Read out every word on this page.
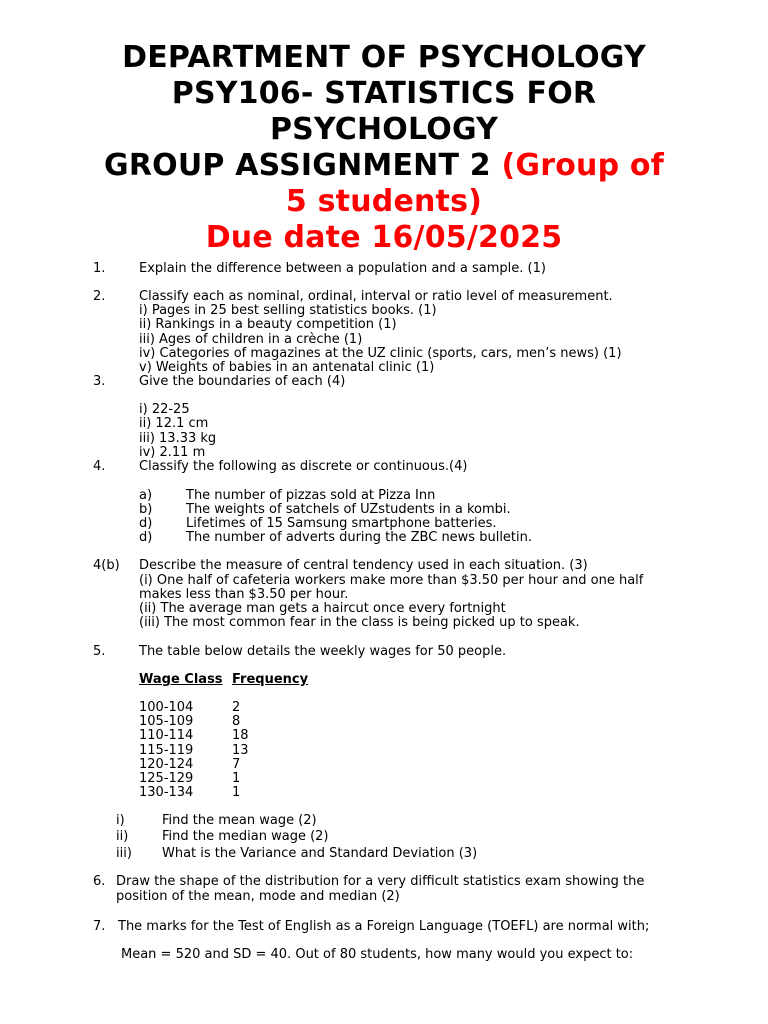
DEPARTMENT OF PSYCHOLOGY
PSY106- STATISTICS FOR
PSYCHOLOGY
GROUP ASSIGNMENT 2 (Group of
5 students)
Due date 16/05/2025
1.	Explain the difference between a population and a sample. (1)
2.	Classify each as nominal, ordinal, interval or ratio level of measurement.
i) Pages in 25 best selling statistics books. (1)
ii) Rankings in a beauty competition (1)
iii) Ages of children in a crèche (1)
iv) Categories of magazines at the UZ clinic (sports, cars, men’s news) (1)
v) Weights of babies in an antenatal clinic (1)
3.	Give the boundaries of each (4)
i) 22-25
ii) 12.1 cm
iii) 13.33 kg
iv) 2.11 m
4.	Classify the following as discrete or continuous.(4)
a)	The number of pizzas sold at Pizza Inn
b)	The weights of satchels of UZstudents in a kombi.
d)	Lifetimes of 15 Samsung smartphone batteries.
d)	The number of adverts during the ZBC news bulletin.
4(b) Describe the measure of central tendency used in each situation. (3)
(i) One half of cafeteria workers make more than $3.50 per hour and one half
makes less than $3.50 per hour.
(ii) The average man gets a haircut once every fortnight
(iii) The most common fear in the class is being picked up to speak.
5.	The table below details the weekly wages for 50 people.
Wage Class Frequency
100-104	2
105-109	8
110-114	18
115-119	13
120-124	7
125-129	1
130-134	1
i)	Find the mean wage (2)
ii)	Find the median wage (2)
iii) What is the Variance and Standard Deviation (3)
6. Draw the shape of the distribution for a very difficult statistics exam showing the
position of the mean, mode and median (2)
7. The marks for the Test of English as a Foreign Language (TOEFL) are normal with;
Mean = 520 and SD = 40. Out of 80 students, how many would you expect to:
